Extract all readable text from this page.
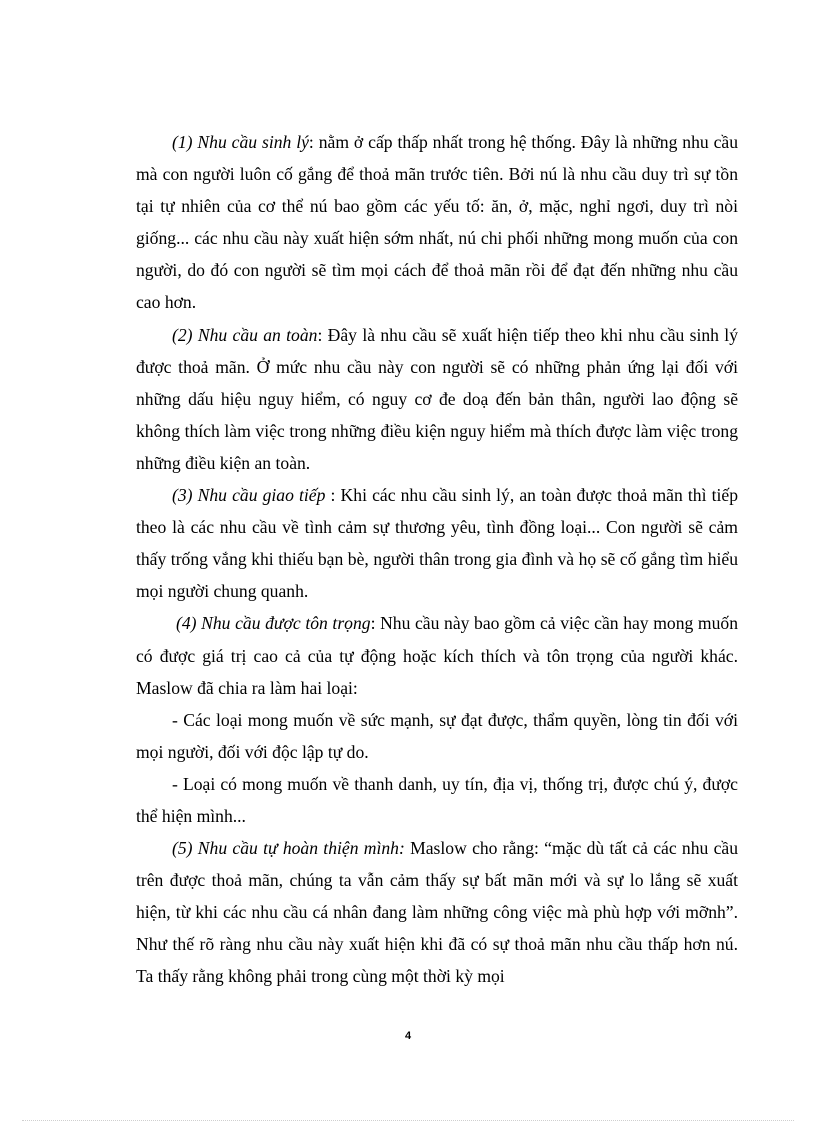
(1) Nhu cầu sinh lý: nằm ở cấp thấp nhất trong hệ thống. Đây là những nhu cầu mà con người luôn cố gắng để thoả mãn trước tiên. Bởi nú là nhu cầu duy trì sự tồn tại tự nhiên của cơ thể nú bao gồm các yếu tố: ăn, ở, mặc, nghỉ ngơi, duy trì nòi giống... các nhu cầu này xuất hiện sớm nhất, nú chi phối những mong muốn của con người, do đó con người sẽ tìm mọi cách để thoả mãn rồi để đạt đến những nhu cầu cao hơn.

(2) Nhu cầu an toàn: Đây là nhu cầu sẽ xuất hiện tiếp theo khi nhu cầu sinh lý được thoả mãn. Ở mức nhu cầu này con người sẽ có những phản ứng lại đối với những dấu hiệu nguy hiểm, có nguy cơ đe doạ đến bản thân, người lao động sẽ không thích làm việc trong những điều kiện nguy hiểm mà thích được làm việc trong những điều kiện an toàn.

(3) Nhu cầu giao tiếp : Khi các nhu cầu sinh lý, an toàn được thoả mãn thì tiếp theo là các nhu cầu về tình cảm sự thương yêu, tình đồng loại... Con người sẽ cảm thấy trống vắng khi thiếu bạn bè, người thân trong gia đình và họ sẽ cố gắng tìm hiểu mọi người chung quanh.

(4) Nhu cầu được tôn trọng: Nhu cầu này bao gồm cả việc cần hay mong muốn có được giá trị cao cả của tự động hoặc kích thích và tôn trọng của người khác. Maslow đã chia ra làm hai loại:

- Các loại mong muốn về sức mạnh, sự đạt được, thẩm quyền, lòng tin đối với mọi người, đối với độc lập tự do.

- Loại có mong muốn về thanh danh, uy tín, địa vị, thống trị, được chú ý, được thể hiện mình...

(5) Nhu cầu tự hoàn thiện mình: Maslow cho rằng: “mặc dù tất cả các nhu cầu trên được thoả mãn, chúng ta vẫn cảm thấy sự bất mãn mới và sự lo lắng sẽ xuất hiện, từ khi các nhu cầu cá nhân đang làm những công việc mà phù hợp với mỡnh”. Như thế rõ ràng nhu cầu này xuất hiện khi đã có sự thoả mãn nhu cầu thấp hơn nú. Ta thấy rằng không phải trong cùng một thời kỳ mọi

4
